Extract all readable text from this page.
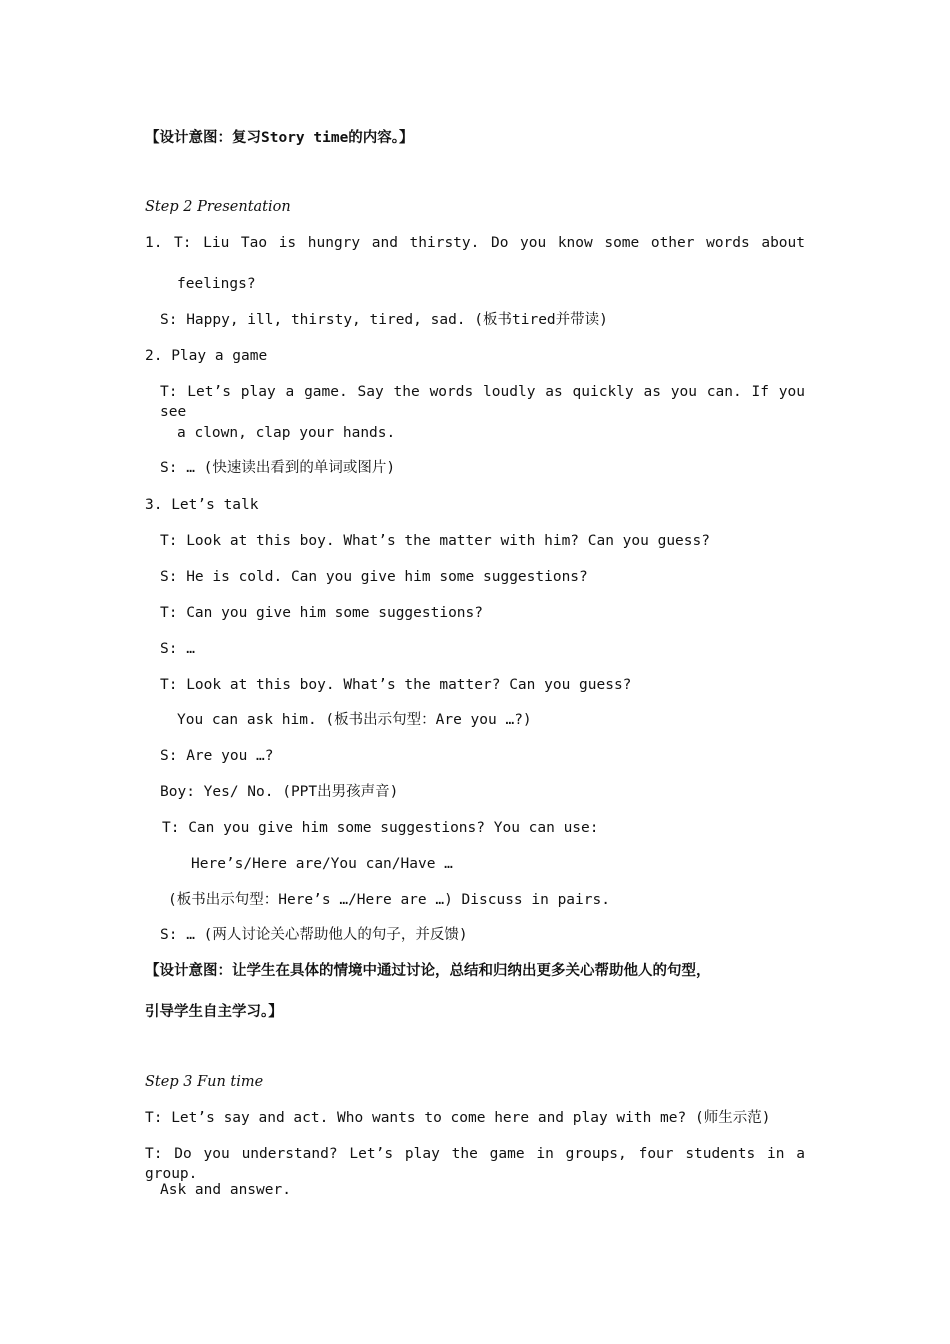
【设计意图：复习Story time的内容。】
Step 2 Presentation
1. T: Liu Tao is hungry and thirsty. Do you know some other words about
feelings?
S: Happy, ill, thirsty, tired, sad. (板书tired并带读)
2. Play a game
T: Let’s play a game. Say the words loudly as quickly as you can. If you see
a clown, clap your hands.
S: … (快速读出看到的单词或图片)
3. Let’s talk
T: Look at this boy. What’s the matter with him? Can you guess?
S: He is cold. Can you give him some suggestions?
T: Can you give him some suggestions?
S: …
T: Look at this boy. What’s the matter? Can you guess?
You can ask him. (板书出示句型：Are you …?)
S: Are you …?
Boy: Yes/ No. (PPT出男孩声音)
T: Can you give him some suggestions? You can use:
Here’s/Here are/You can/Have …
(板书出示句型：Here’s …/Here are …) Discuss in pairs.
S: … (两人讨论关心帮助他人的句子，并反馈)
【设计意图：让学生在具体的情境中通过讨论，总结和归纳出更多关心帮助他人的句型，
引导学生自主学习。】
Step 3 Fun time
T: Let’s say and act. Who wants to come here and play with me? (师生示范)
T: Do you understand? Let’s play the game in groups, four students in a group.
Ask and answer.
